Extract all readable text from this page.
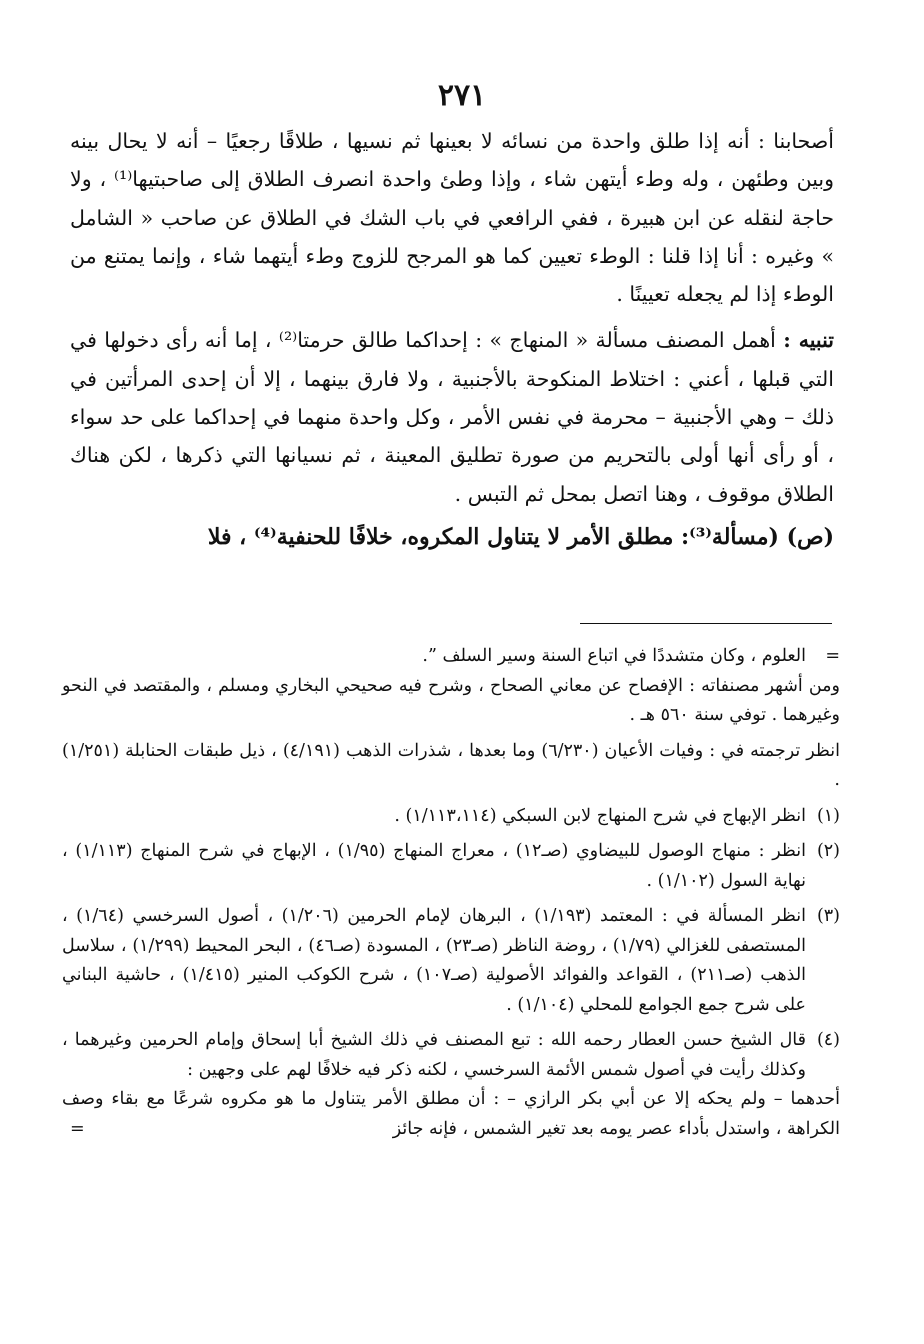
٢٧١

أصحابنا : أنه إذا طلق واحدة من نسائه لا بعينها ثم نسيها ، طلاقًا رجعيًا – أنه لا يحال بينه وبين وطئهن ، وله وطء أيتهن شاء ، وإذا وطئ واحدة انصرف الطلاق إلى صاحبتيها⁽¹⁾ ، ولا حاجة لنقله عن ابن هبيرة ، ففي الرافعي في باب الشك في الطلاق عن صاحب « الشامل » وغيره : أنا إذا قلنا : الوطء تعيين كما هو المرجح للزوج وطء أيتهما شاء ، وإنما يمتنع من الوطء إذا لم يجعله تعيينًا .

تنبيه : أهمل المصنف مسألة « المنهاج » : إحداكما طالق حرمتا⁽²⁾ ، إما أنه رأى دخولها في التي قبلها ، أعني : اختلاط المنكوحة بالأجنبية ، ولا فارق بينهما ، إلا أن إحدى المرأتين في ذلك – وهي الأجنبية – محرمة في نفس الأمر ، وكل واحدة منهما في إحداكما على حد سواء ، أو رأى أنها أولى بالتحريم من صورة تطليق المعينة ، ثم نسيانها التي ذكرها ، لكن هناك الطلاق موقوف ، وهنا اتصل بمحل ثم التبس .

(ص) (مسألة⁽³⁾: مطلق الأمر لا يتناول المكروه، خلافًا للحنفية⁽⁴⁾ ، فلا

=
العلوم ، وكان متشددًا في اتباع السنة وسير السلف ”.
ومن أشهر مصنفاته : الإفصاح عن معاني الصحاح ، وشرح فيه صحيحي البخاري ومسلم ، والمقتصد في النحو وغيرهما . توفي سنة ٥٦٠ هـ .
انظر ترجمته في : وفيات الأعيان (٦/٢٣٠) وما بعدها ، شذرات الذهب (٤/١٩١) ، ذيل طبقات الحنابلة (١/٢٥١) .
(١)
انظر الإبهاج في شرح المنهاج لابن السبكي (١/١١٣،١١٤) .
(٢)
انظر : منهاج الوصول للبيضاوي (صـ١٢) ، معراج المنهاج (١/٩٥) ، الإبهاج في شرح المنهاج (١/١١٣) ، نهاية السول (١/١٠٢) .
(٣)
انظر المسألة في : المعتمد (١/١٩٣) ، البرهان لإمام الحرمين (١/٢٠٦) ، أصول السرخسي (١/٦٤) ، المستصفى للغزالي (١/٧٩) ، روضة الناظر (صـ٢٣) ، المسودة (صـ٤٦) ، البحر المحيط (١/٢٩٩) ، سلاسل الذهب (صـ٢١١) ، القواعد والفوائد الأصولية (صـ١٠٧) ، شرح الكوكب المنير (١/٤١٥) ، حاشية البناني على شرح جمع الجوامع للمحلي (١/١٠٤) .
(٤)
قال الشيخ حسن العطار رحمه الله : تبع المصنف في ذلك الشيخ أبا إسحاق وإمام الحرمين وغيرهما ، وكذلك رأيت في أصول شمس الأئمة السرخسي ، لكنه ذكر فيه خلافًا لهم على وجهين :
أحدهما – ولم يحكه إلا عن أبي بكر الرازي – : أن مطلق الأمر يتناول ما هو مكروه شرعًا مع بقاء وصف الكراهة ، واستدل بأداء عصر يومه بعد تغير الشمس ، فإنه جائز
=
